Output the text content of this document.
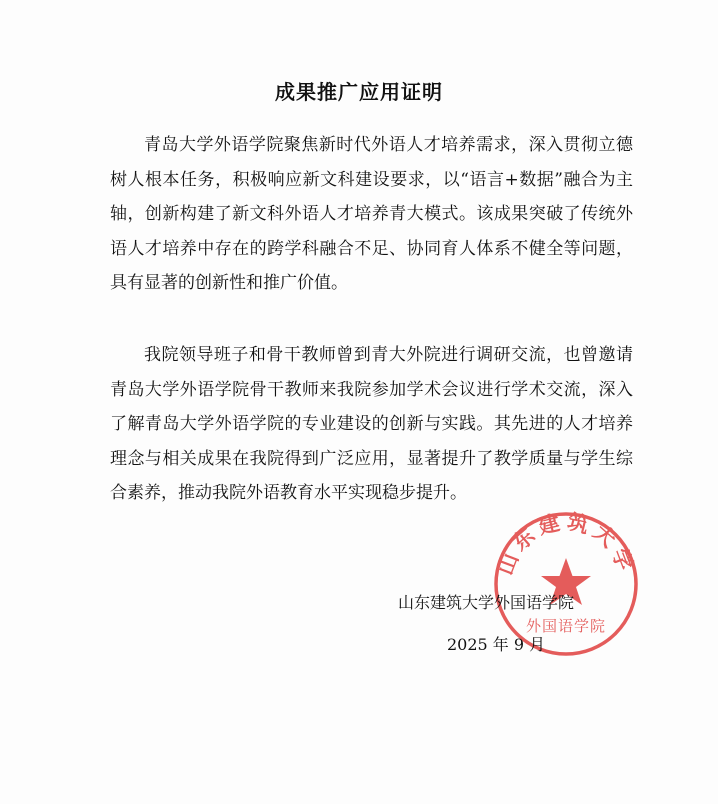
成果推广应用证明
青岛大学外语学院聚焦新时代外语人才培养需求，深入贯彻立德树人根本任务，积极响应新文科建设要求，以“语言+数据”融合为主轴，创新构建了新文科外语人才培养青大模式。该成果突破了传统外语人才培养中存在的跨学科融合不足、协同育人体系不健全等问题，具有显著的创新性和推广价值。
我院领导班子和骨干教师曾到青大外院进行调研交流，也曾邀请青岛大学外语学院骨干教师来我院参加学术会议进行学术交流，深入了解青岛大学外语学院的专业建设的创新与实践。其先进的人才培养理念与相关成果在我院得到广泛应用，显著提升了教学质量与学生综合素养，推动我院外语教育水平实现稳步提升。
山东建筑大学
外国语学院
山东建筑大学外国语学院
2025 年 9 月
